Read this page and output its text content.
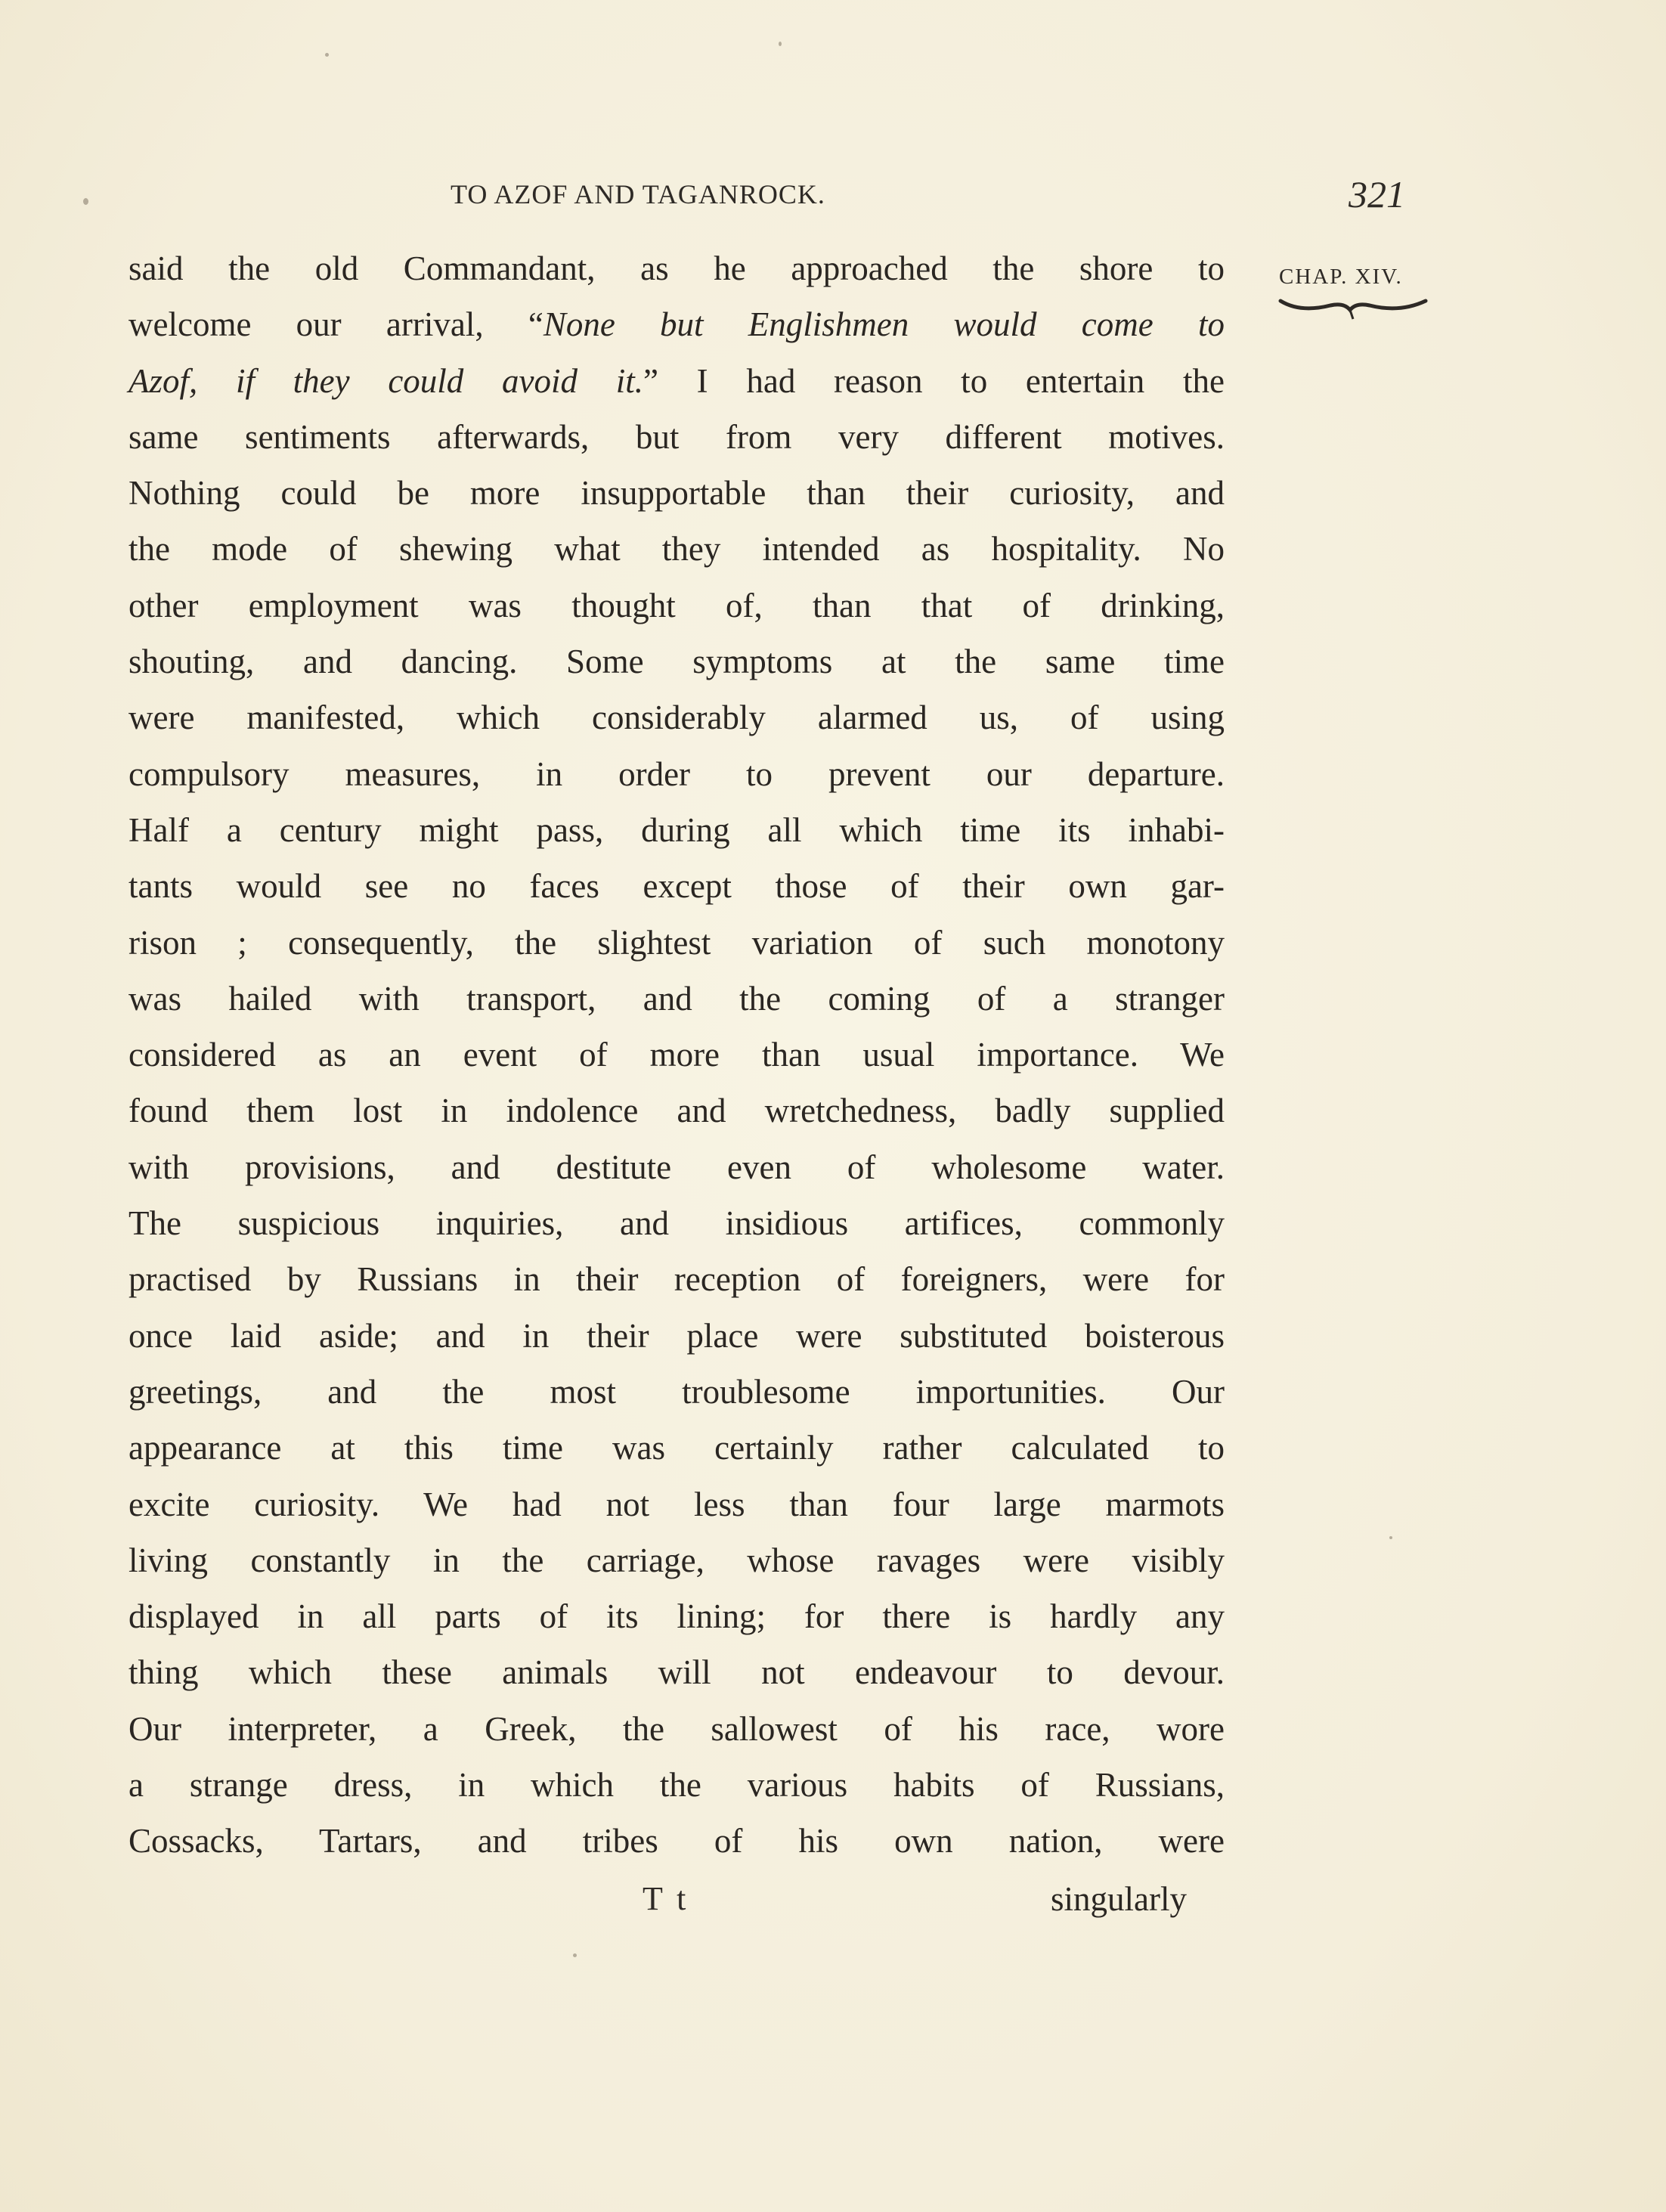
TO AZOF AND TAGANROCK.	321
CHAP. XIV.
said the old Commandant, as he approached the shore to
welcome our arrival, “None but Englishmen would come to
Azof, if they could avoid it.” I had reason to entertain the
same sentiments afterwards, but from very different motives.
Nothing could be more insupportable than their curiosity, and
the mode of shewing what they intended as hospitality. No
other employment was thought of, than that of drinking,
shouting, and dancing. Some symptoms at the same time
were manifested, which considerably alarmed us, of using
compulsory measures, in order to prevent our departure.
Half a century might pass, during all which time its inhabi-
tants would see no faces except those of their own gar-
rison ; consequently, the slightest variation of such monotony
was hailed with transport, and the coming of a stranger
considered as an event of more than usual importance. We
found them lost in indolence and wretchedness, badly supplied
with provisions, and destitute even of wholesome water.
The suspicious inquiries, and insidious artifices, commonly
practised by Russians in their reception of foreigners, were for
once laid aside; and in their place were substituted boisterous
greetings, and the most troublesome importunities. Our
appearance at this time was certainly rather calculated to
excite curiosity. We had not less than four large marmots
living constantly in the carriage, whose ravages were visibly
displayed in all parts of its lining; for there is hardly any
thing which these animals will not endeavour to devour.
Our interpreter, a Greek, the sallowest of his race, wore
a strange dress, in which the various habits of Russians,
Cossacks, Tartars, and tribes of his own nation, were
T t	singularly
